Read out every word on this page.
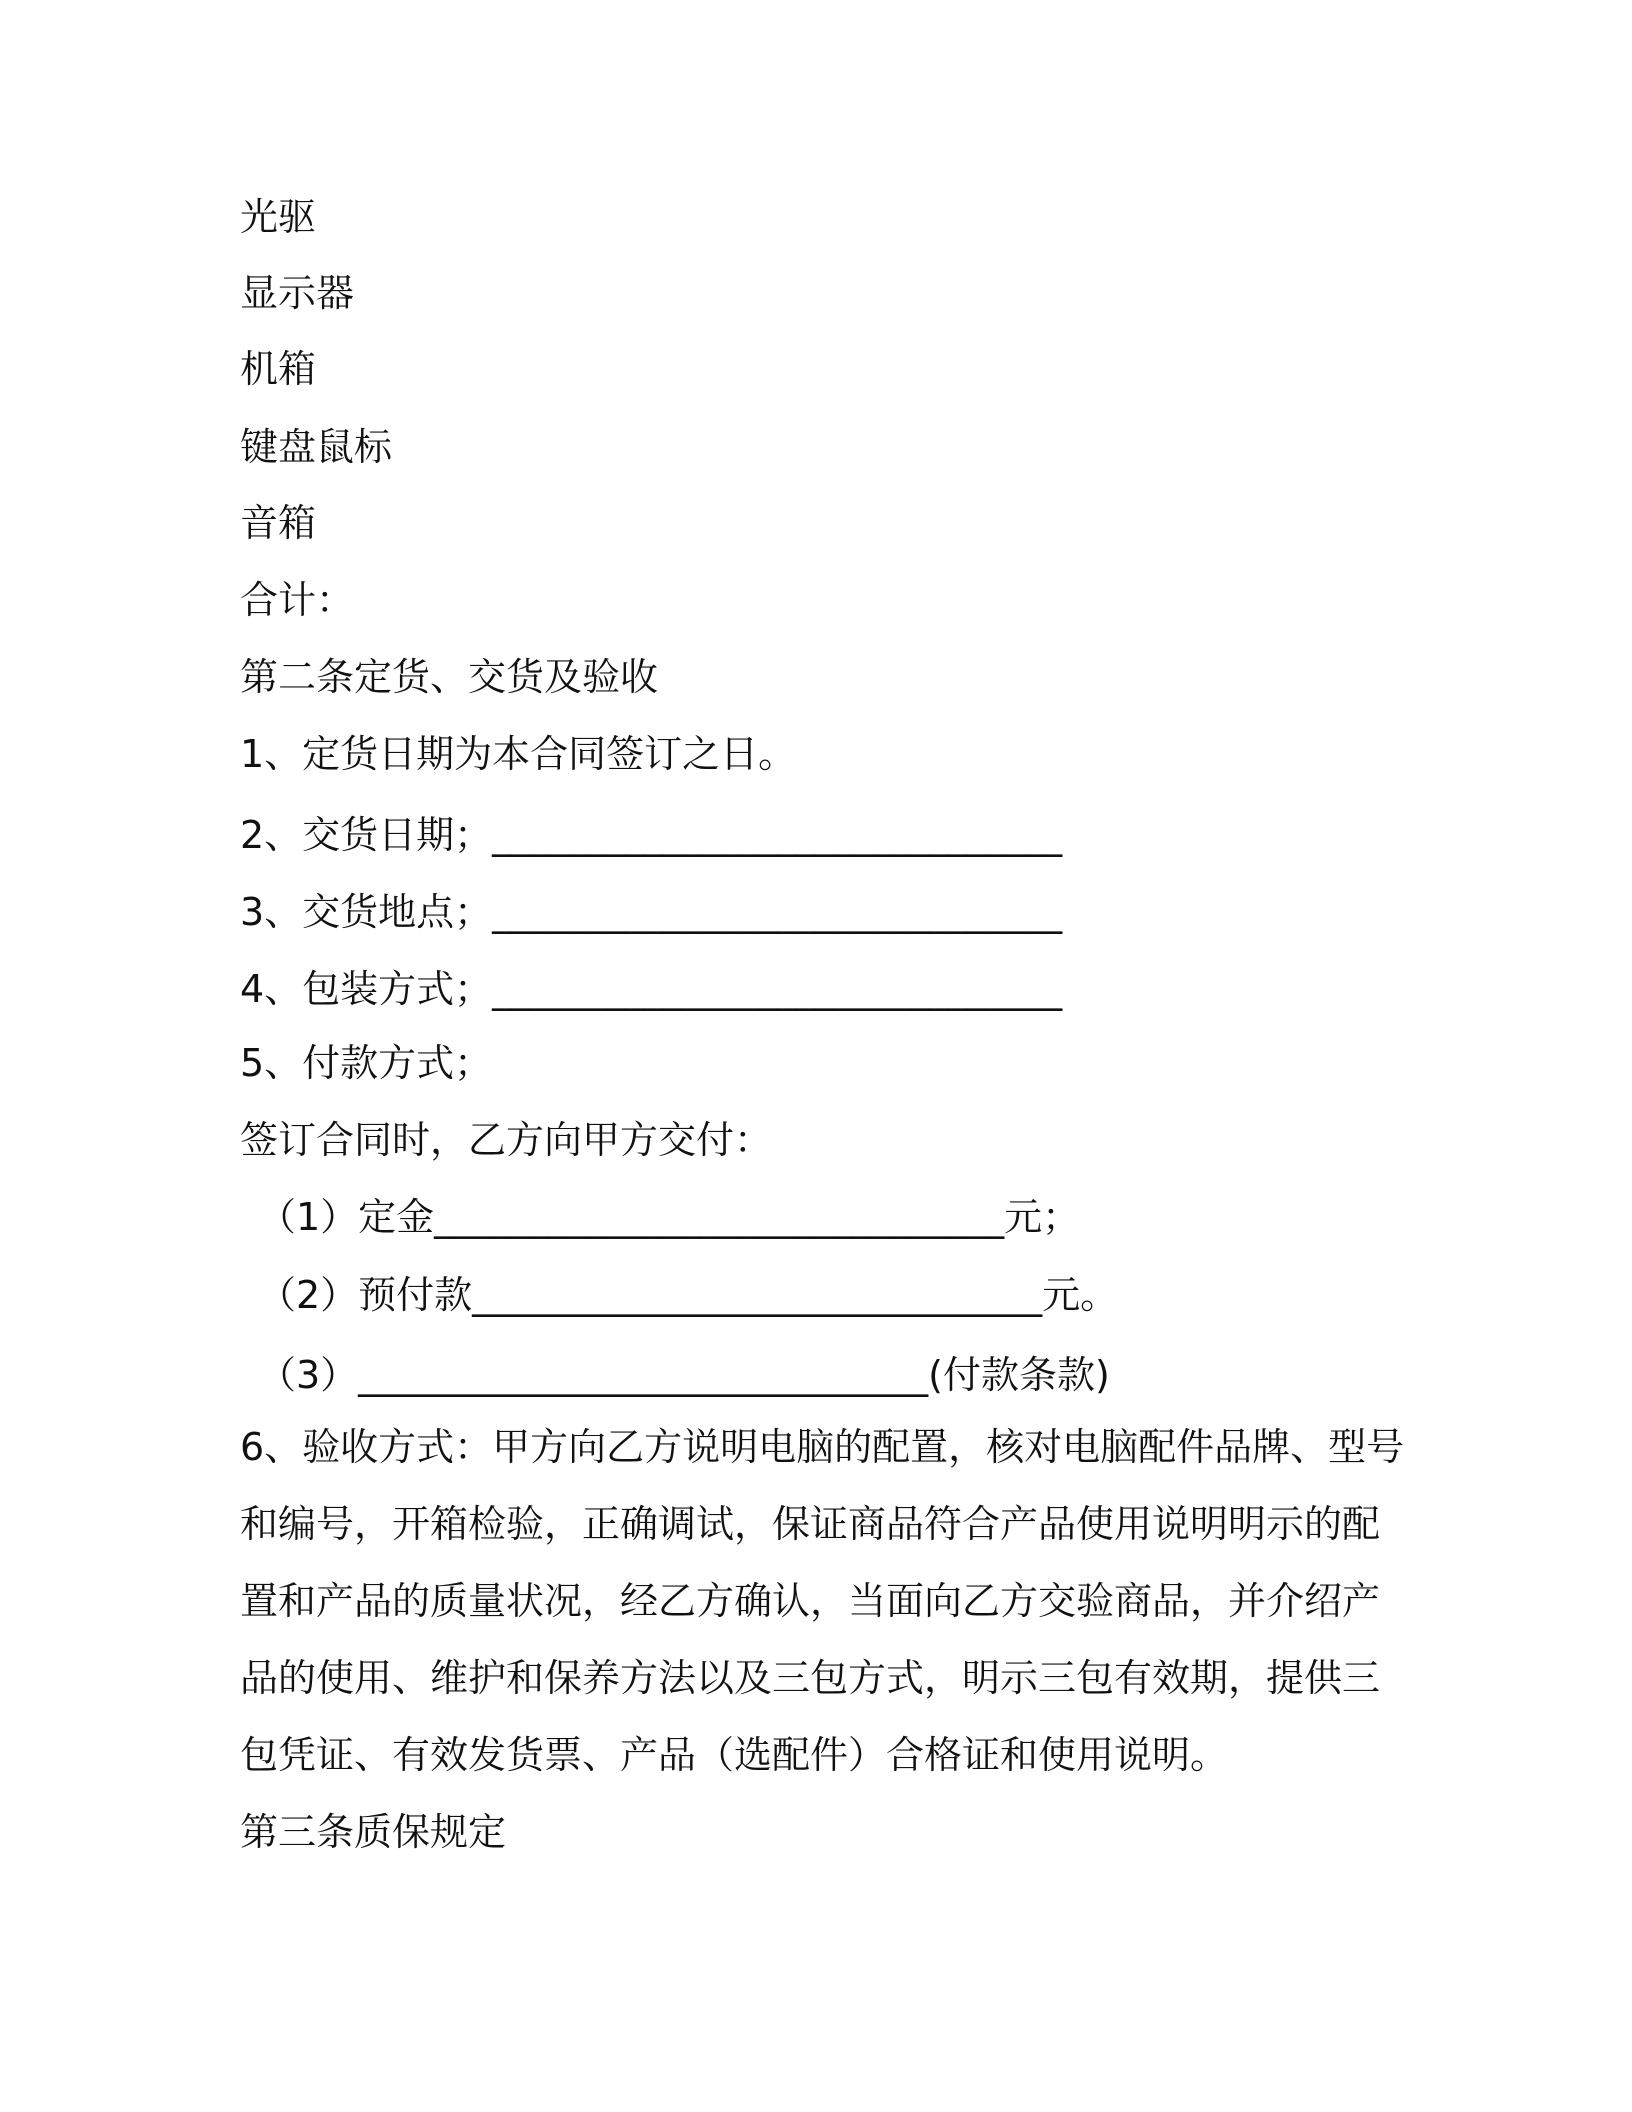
光驱
显示器
机箱
键盘鼠标
音箱
合计：
第二条定货、交货及验收
1、定货日期为本合同签订之日。
2、交货日期；______________________________
3、交货地点；______________________________
4、包装方式；______________________________
5、付款方式；
签订合同时，乙方向甲方交付：
（1）定金______________________________元；
（2）预付款______________________________元。
（3）______________________________(付款条款)
6、验收方式：甲方向乙方说明电脑的配置，核对电脑配件品牌、型号
和编号，开箱检验，正确调试，保证商品符合产品使用说明明示的配
置和产品的质量状况，经乙方确认，当面向乙方交验商品，并介绍产
品的使用、维护和保养方法以及三包方式，明示三包有效期，提供三
包凭证、有效发货票、产品（选配件）合格证和使用说明。
第三条质保规定
